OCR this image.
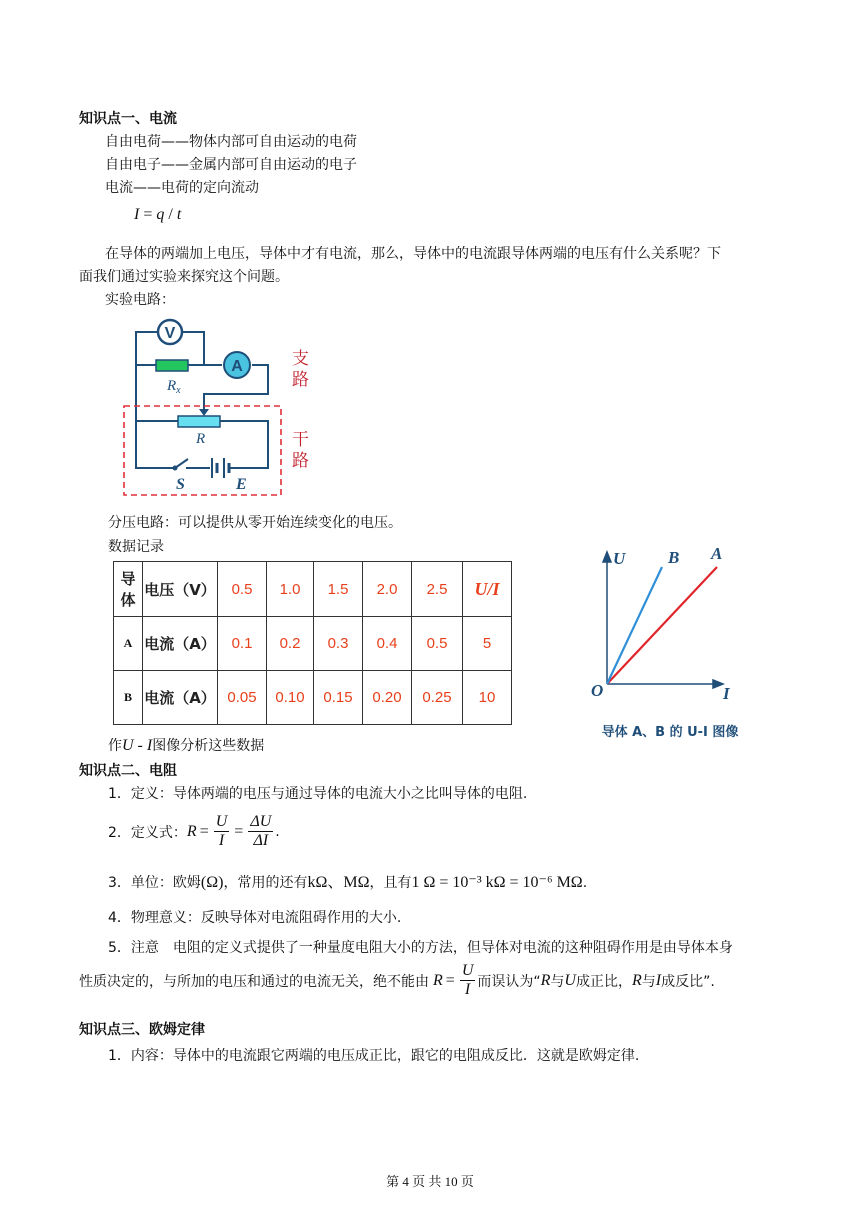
知识点一、电流
自由电荷——物体内部可自由运动的电荷
自由电子——金属内部可自由运动的电子
电流——电荷的定向流动
I = q / t
在导体的两端加上电压，导体中才有电流，那么，导体中的电流跟导体两端的电压有什么关系呢？下
面我们通过实验来探究这个问题。
实验电路：
V
$R_x$
A
R
S	E
支
路
干
路
分压电路：可以提供从零开始连续变化的电压。
数据记录
导
体	电压（V）	0.5	1.0	1.5	2.0	2.5	U/I
A	电流（A）	0.1	0.2	0.3	0.4	0.5	5
B	电流（A）	0.05	0.10	0.15	0.20	0.25	10
A
B
U
I
O
导体 A、B 的 U-I 图像
作U - I图像分析这些数据
知识点二、电阻
1．定义：导体两端的电压与通过导体的电流大小之比叫导体的电阻.
2．定义式： $R = \frac{U}{I} = \frac{\Delta U}{\Delta I}$ .
3．单位：欧姆(Ω)，常用的还有kΩ、MΩ，且有1 Ω = 10⁻³ kΩ = 10⁻⁶ MΩ.
4．物理意义：反映导体对电流阻碍作用的大小.
5．注意　电阻的定义式提供了一种量度电阻大小的方法，但导体对电流的这种阻碍作用是由导体本身
性质决定的，与所加的电压和通过的电流无关，绝不能由 $R = \frac{U}{I}$ 而误认为“ R 与 U 成正比， R 与 I 成反比”.
知识点三、欧姆定律
1．内容：导体中的电流跟它两端的电压成正比，跟它的电阻成反比．这就是欧姆定律.
第 4 页 共 10 页
